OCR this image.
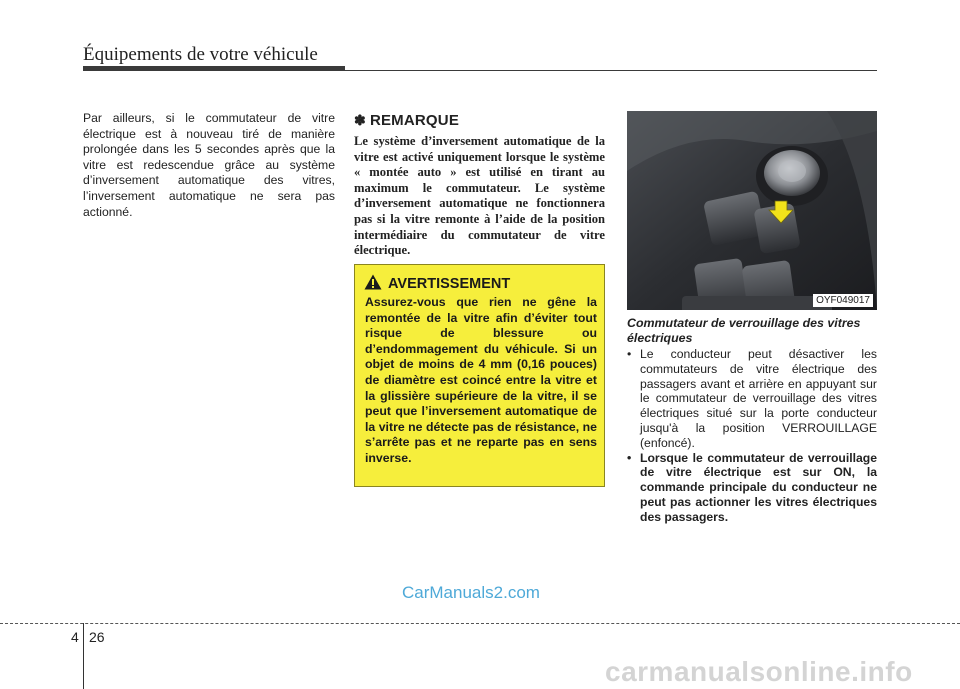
Équipements de votre véhicule
Par ailleurs, si le commutateur de vitre électrique est à nouveau tiré de manière prolongée dans les 5 secondes après que la vitre est redescendue grâce au système d’inversement automatique des vitres, l’inversement automatique ne sera pas actionné.
✽ REMARQUE
Le système d’inversement automatique de la vitre est activé uniquement lorsque le système « montée auto » est utilisé en tirant au maximum le commutateur. Le système d’inversement automatique ne fonctionnera pas si la vitre remonte à l’aide de la position intermédiaire du commutateur de vitre électrique.
AVERTISSEMENT
Assurez-vous que rien ne gêne la remontée de la vitre afin d’éviter tout risque de blessure ou d’endommagement du véhicule. Si un objet de moins de 4 mm (0,16 pouces) de diamètre est coincé entre la vitre et la glissière supérieure de la vitre, il se peut que l’inversement automatique de la vitre ne détecte pas de résistance, ne s’arrête pas et ne reparte pas en sens inverse.
OYF049017
Commutateur de verrouillage des vitres électriques
• Le conducteur peut désactiver les commutateurs de vitre électrique des passagers avant et arrière en appuyant sur le commutateur de verrouillage des vitres électriques situé sur la porte conducteur jusqu'à la position VERROUILLAGE (enfoncé).
• Lorsque le commutateur de verrouillage de vitre électrique est sur ON, la commande principale du conducteur ne peut pas actionner les vitres électriques des passagers.
CarManuals2.com
4 26
carmanualsonline.info
